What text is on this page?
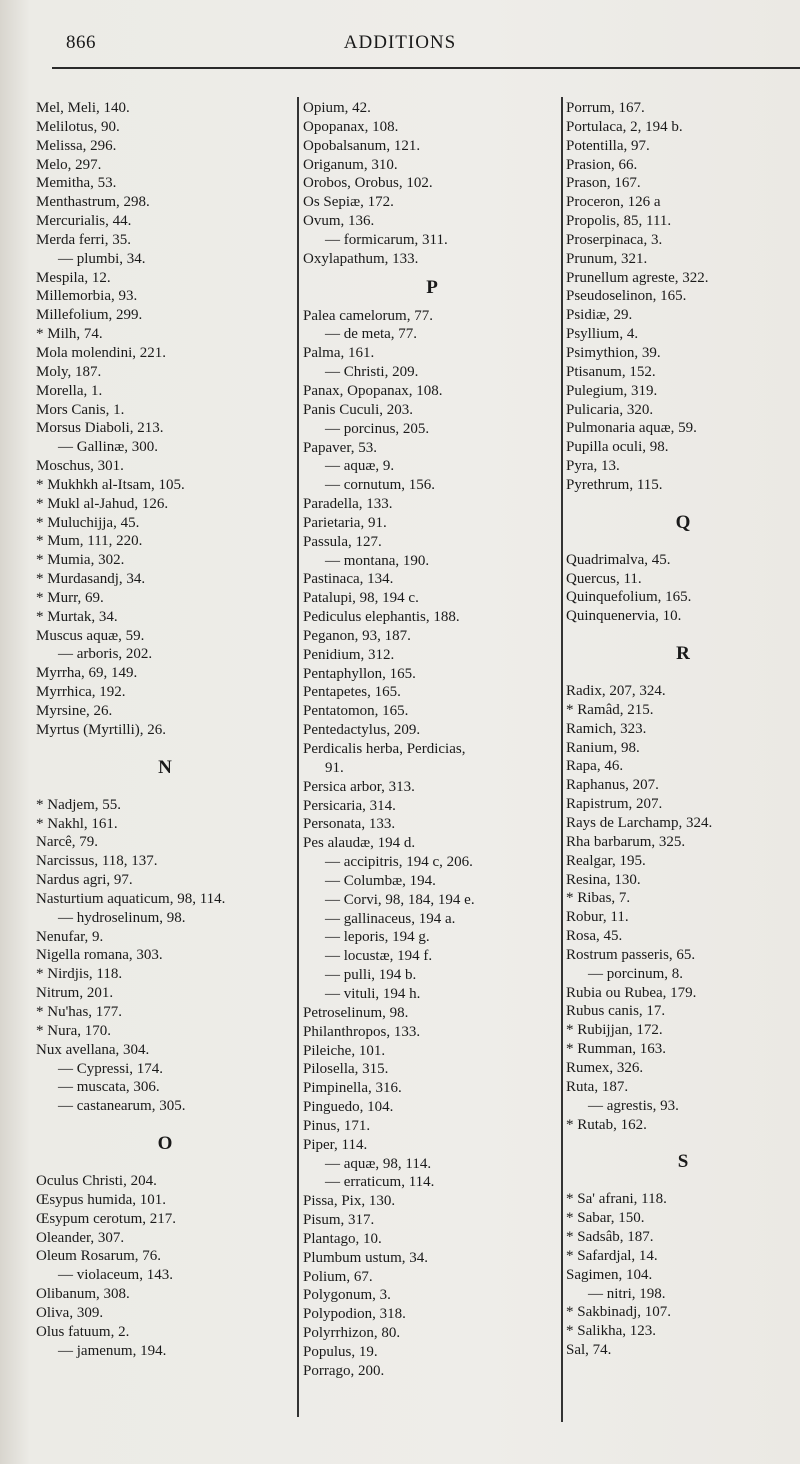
866	ADDITIONS
Mel, Meli, 140.
Melilotus, 90.
Melissa, 296.
Melo, 297.
Memitha, 53.
Menthastrum, 298.
Mercurialis, 44.
Merda ferri, 35.
— plumbi, 34.
Mespila, 12.
Millemorbia, 93.
Millefolium, 299.
* Milh, 74.
Mola molendini, 221.
Moly, 187.
Morella, 1.
Mors Canis, 1.
Morsus Diaboli, 213.
— Gallinæ, 300.
Moschus, 301.
* Mukhkh al-Itsam, 105.
* Mukl al-Jahud, 126.
* Muluchijja, 45.
* Mum, 111, 220.
* Mumia, 302.
* Murdasandj, 34.
* Murr, 69.
* Murtak, 34.
Muscus aquæ, 59.
— arboris, 202.
Myrrha, 69, 149.
Myrrhica, 192.
Myrsine, 26.
Myrtus (Myrtilli), 26.
N
* Nadjem, 55.
* Nakhl, 161.
Narcê, 79.
Narcissus, 118, 137.
Nardus agri, 97.
Nasturtium aquaticum, 98, 114.
— hydroselinum, 98.
Nenufar, 9.
Nigella romana, 303.
* Nirdjis, 118.
Nitrum, 201.
* Nu'has, 177.
* Nura, 170.
Nux avellana, 304.
— Cypressi, 174.
— muscata, 306.
— castanearum, 305.
O
Oculus Christi, 204.
Œsypus humida, 101.
Œsypum cerotum, 217.
Oleander, 307.
Oleum Rosarum, 76.
— violaceum, 143.
Olibanum, 308.
Oliva, 309.
Olus fatuum, 2.
— jamenum, 194.
Opium, 42.
Opopanax, 108.
Opobalsanum, 121.
Origanum, 310.
Orobos, Orobus, 102.
Os Sepiæ, 172.
Ovum, 136.
— formicarum, 311.
Oxylapathum, 133.
P
Palea camelorum, 77.
— de meta, 77.
Palma, 161.
— Christi, 209.
Panax, Opopanax, 108.
Panis Cuculi, 203.
— porcinus, 205.
Papaver, 53.
— aquæ, 9.
— cornutum, 156.
Paradella, 133.
Parietaria, 91.
Passula, 127.
— montana, 190.
Pastinaca, 134.
Patalupi, 98, 194 c.
Pediculus elephantis, 188.
Peganon, 93, 187.
Penidium, 312.
Pentaphyllon, 165.
Pentapetes, 165.
Pentatomon, 165.
Pentedactylus, 209.
Perdicalis herba, Perdicias,
91.
Persica arbor, 313.
Persicaria, 314.
Personata, 133.
Pes alaudæ, 194 d.
— accipitris, 194 c, 206.
— Columbæ, 194.
— Corvi, 98, 184, 194 e.
— gallinaceus, 194 a.
— leporis, 194 g.
— locustæ, 194 f.
— pulli, 194 b.
— vituli, 194 h.
Petroselinum, 98.
Philanthropos, 133.
Pileiche, 101.
Pilosella, 315.
Pimpinella, 316.
Pinguedo, 104.
Pinus, 171.
Piper, 114.
— aquæ, 98, 114.
— erraticum, 114.
Pissa, Pix, 130.
Pisum, 317.
Plantago, 10.
Plumbum ustum, 34.
Polium, 67.
Polygonum, 3.
Polypodion, 318.
Polyrrhizon, 80.
Populus, 19.
Porrago, 200.
Porrum, 167.
Portulaca, 2, 194 b.
Potentilla, 97.
Prasion, 66.
Prason, 167.
Proceron, 126 a
Propolis, 85, 111.
Proserpinaca, 3.
Prunum, 321.
Prunellum agreste, 322.
Pseudoselinon, 165.
Psidiæ, 29.
Psyllium, 4.
Psimythion, 39.
Ptisanum, 152.
Pulegium, 319.
Pulicaria, 320.
Pulmonaria aquæ, 59.
Pupilla oculi, 98.
Pyra, 13.
Pyrethrum, 115.
Q
Quadrimalva, 45.
Quercus, 11.
Quinquefolium, 165.
Quinquenervia, 10.
R
Radix, 207, 324.
* Ramâd, 215.
Ramich, 323.
Ranium, 98.
Rapa, 46.
Raphanus, 207.
Rapistrum, 207.
Rays de Larchamp, 324.
Rha barbarum, 325.
Realgar, 195.
Resina, 130.
* Ribas, 7.
Robur, 11.
Rosa, 45.
Rostrum passeris, 65.
— porcinum, 8.
Rubia ou Rubea, 179.
Rubus canis, 17.
* Rubijjan, 172.
* Rumman, 163.
Rumex, 326.
Ruta, 187.
— agrestis, 93.
* Rutab, 162.
S
* Sa' afrani, 118.
* Sabar, 150.
* Sadsâb, 187.
* Safardjal, 14.
Sagimen, 104.
— nitri, 198.
* Sakbinadj, 107.
* Salikha, 123.
Sal, 74.
